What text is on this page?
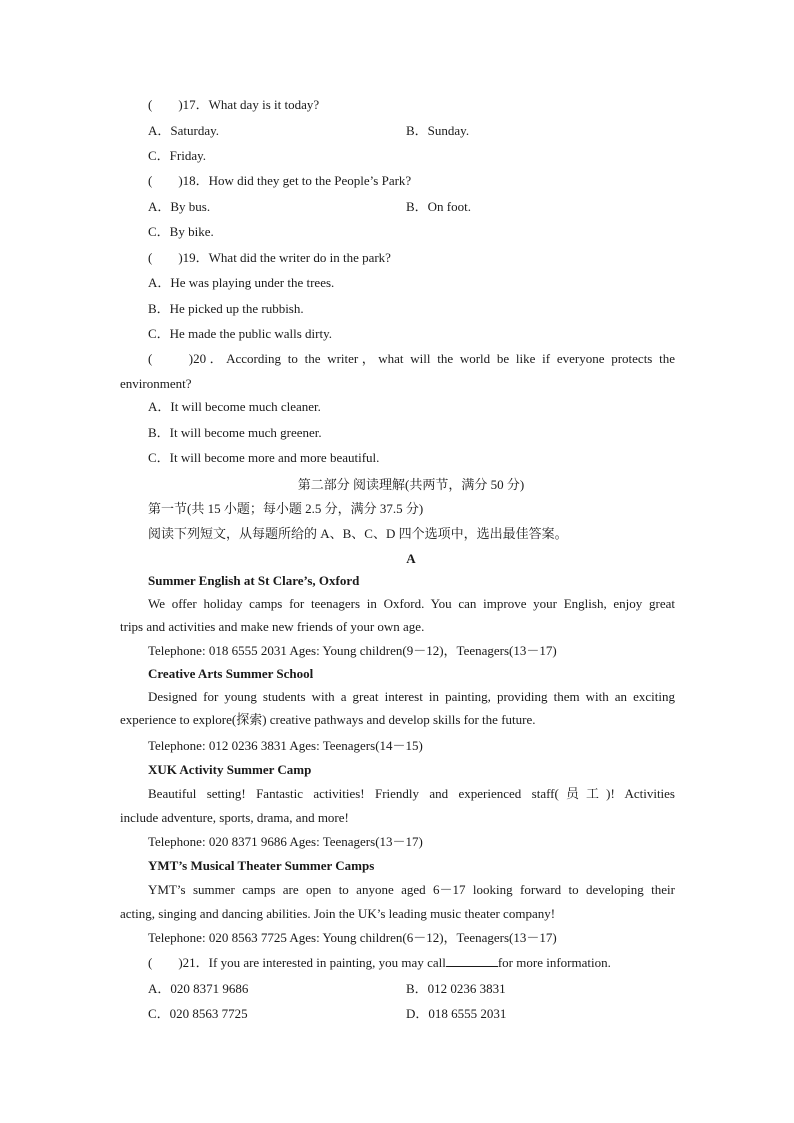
(　　)17．What day is it today?
A．Saturday.	B．Sunday.
C．Friday.
(　　)18．How did they get to the People’s Park?
A．By bus.	B．On foot.
C．By bike.
(　　)19．What did the writer do in the park?
A．He was playing under the trees.
B．He picked up the rubbish.
C．He made the public walls dirty.
(　　)20．According to the writer，what will the world be like if everyone protects the
environment?
A．It will become much cleaner.
B．It will become much greener.
C．It will become more and more beautiful.
第二部分 阅读理解(共两节，满分 50 分)
第一节(共 15 小题；每小题 2.5 分，满分 37.5 分)
阅读下列短文，从每题所给的 A、B、C、D 四个选项中，选出最佳答案。
A
Summer English at St Clare’s, Oxford
We offer holiday camps for teenagers in Oxford. You can improve your English, enjoy great
trips and activities and make new friends of your own age.
Telephone: 018 6555 2031 Ages: Young children(9－12)，Teenagers(13－17)
Creative Arts Summer School
Designed for young students with a great interest in painting, providing them with an exciting
experience to explore(探索) creative pathways and develop skills for the future.
Telephone: 012 0236 3831 Ages: Teenagers(14－15)
XUK Activity Summer Camp
Beautiful setting! Fantastic activities! Friendly and experienced staff(员工)! Activities
include adventure, sports, drama, and more!
Telephone: 020 8371 9686 Ages: Teenagers(13－17)
YMT’s Musical Theater Summer Camps
YMT’s summer camps are open to anyone aged 6－17 looking forward to developing their
acting, singing and dancing abilities. Join the UK’s leading music theater company!
Telephone: 020 8563 7725 Ages: Young children(6－12)，Teenagers(13－17)
(　　)21．If you are interested in painting, you may call	for more information.
A．020 8371 9686	B．012 0236 3831
C．020 8563 7725	D．018 6555 2031
